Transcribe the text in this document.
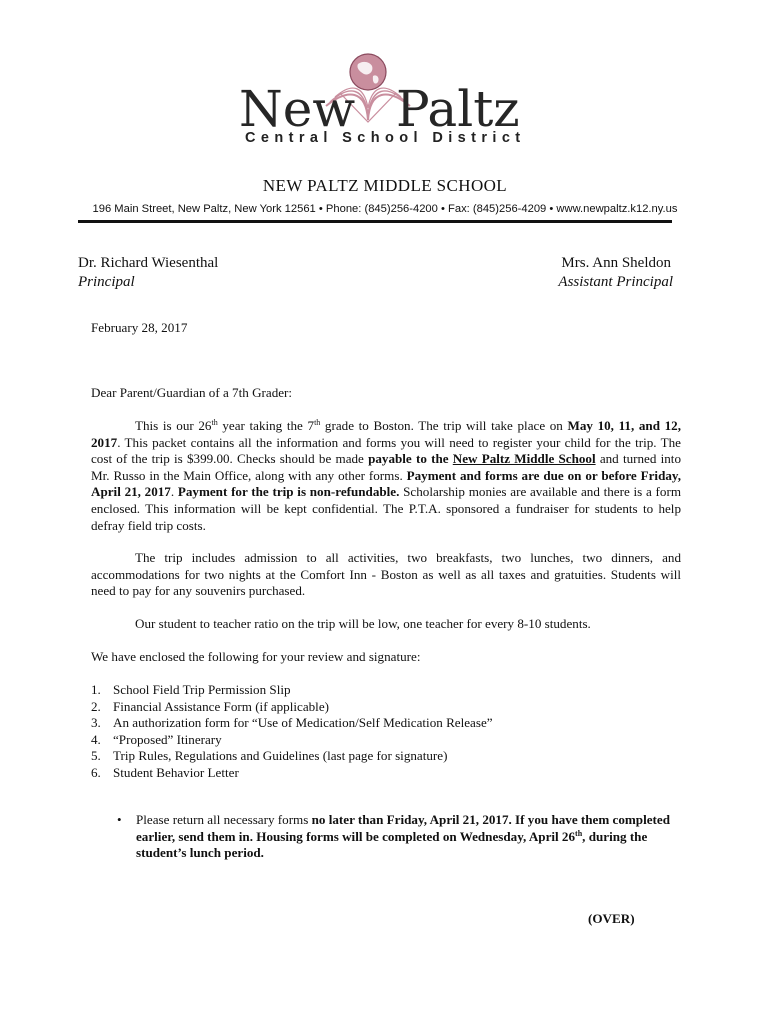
New Paltz
Central School District
NEW PALTZ MIDDLE SCHOOL
196 Main Street, New Paltz, New York 12561 • Phone: (845)256-4200 • Fax: (845)256-4209 • www.newpaltz.k12.ny.us
Dr. Richard Wiesenthal
Principal
Mrs. Ann Sheldon
Assistant Principal
February 28, 2017
Dear Parent/Guardian of a 7th Grader:
This is our 26th year taking the 7th grade to Boston. The trip will take place on May 10, 11, and 12, 2017. This packet contains all the information and forms you will need to register your child for the trip. The cost of the trip is $399.00. Checks should be made payable to the New Paltz Middle School and turned into Mr. Russo in the Main Office, along with any other forms. Payment and forms are due on or before Friday, April 21, 2017. Payment for the trip is non-refundable. Scholarship monies are available and there is a form enclosed. This information will be kept confidential. The P.T.A. sponsored a fundraiser for students to help defray field trip costs.
The trip includes admission to all activities, two breakfasts, two lunches, two dinners, and accommodations for two nights at the Comfort Inn - Boston as well as all taxes and gratuities. Students will need to pay for any souvenirs purchased.
Our student to teacher ratio on the trip will be low, one teacher for every 8-10 students.
We have enclosed the following for your review and signature:
1. School Field Trip Permission Slip
2. Financial Assistance Form (if applicable)
3. An authorization form for “Use of Medication/Self Medication Release”
4. “Proposed” Itinerary
5. Trip Rules, Regulations and Guidelines (last page for signature)
6. Student Behavior Letter
• Please return all necessary forms no later than Friday, April 21, 2017. If you have them completed earlier, send them in. Housing forms will be completed on Wednesday, April 26th, during the student’s lunch period.
(OVER)
